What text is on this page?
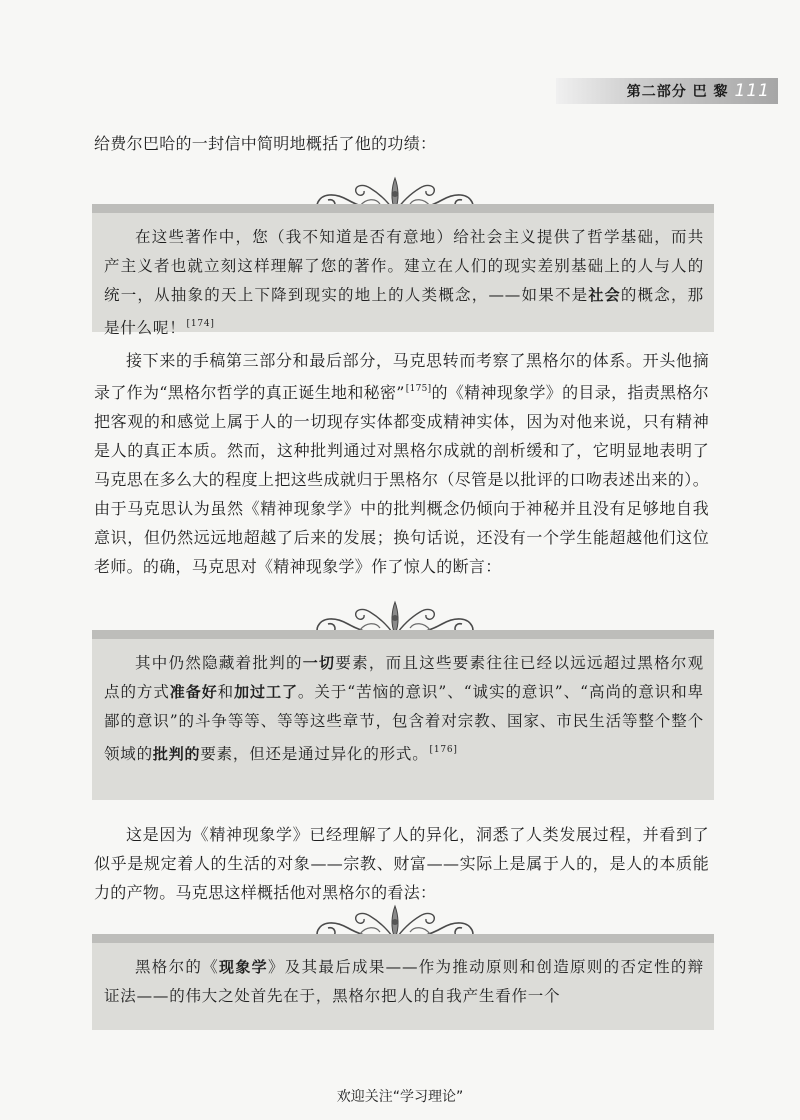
第二部分 巴 黎 111

给费尔巴哈的一封信中简明地概括了他的功绩：

在这些著作中，您（我不知道是否有意地）给社会主义提供了哲学基础，而共产主义者也就立刻这样理解了您的著作。建立在人们的现实差别基础上的人与人的统一，从抽象的天上下降到现实的地上的人类概念，——如果不是社会的概念，那是什么呢！[174]

接下来的手稿第三部分和最后部分，马克思转而考察了黑格尔的体系。开头他摘录了作为“黑格尔哲学的真正诞生地和秘密”[175]的《精神现象学》的目录，指责黑格尔把客观的和感觉上属于人的一切现存实体都变成精神实体，因为对他来说，只有精神是人的真正本质。然而，这种批判通过对黑格尔成就的剖析缓和了，它明显地表明了马克思在多么大的程度上把这些成就归于黑格尔（尽管是以批评的口吻表述出来的）。由于马克思认为虽然《精神现象学》中的批判概念仍倾向于神秘并且没有足够地自我意识，但仍然远远地超越了后来的发展；换句话说，还没有一个学生能超越他们这位老师。的确，马克思对《精神现象学》作了惊人的断言：

其中仍然隐藏着批判的一切要素，而且这些要素往往已经以远远超过黑格尔观点的方式准备好和加过工了。关于“苦恼的意识”、“诚实的意识”、“高尚的意识和卑鄙的意识”的斗争等等、等等这些章节，包含着对宗教、国家、市民生活等整个整个领域的批判的要素，但还是通过异化的形式。[176]

这是因为《精神现象学》已经理解了人的异化，洞悉了人类发展过程，并看到了似乎是规定着人的生活的对象——宗教、财富——实际上是属于人的，是人的本质能力的产物。马克思这样概括他对黑格尔的看法：

黑格尔的《现象学》及其最后成果——作为推动原则和创造原则的否定性的辩证法——的伟大之处首先在于，黑格尔把人的自我产生看作一个

欢迎关注“学习理论”
